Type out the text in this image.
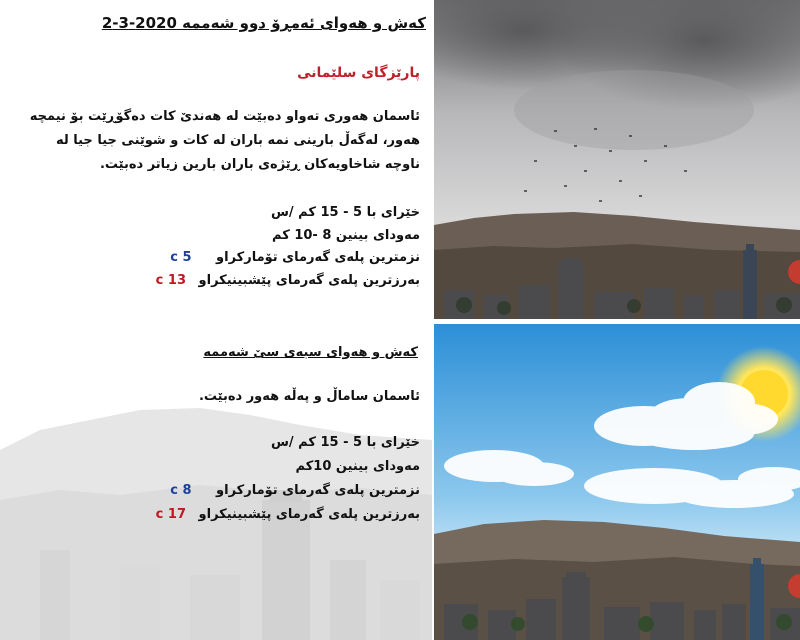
کەش و هەوای ئەمڕۆ دوو شەممە 2020-3-2
پارێزگای سلێمانی
ئاسمان هەوری تەواو دەبێت لە هەندێ کات دەگۆڕێت بۆ نیمچە
هەور، لەگەڵ بارینی نمە باران لە کات و شوێنی جیا جیا لە
ناوچە شاخاویەکان ڕێژەی باران بارین زیاتر دەبێت.
خێرای با 5 - 15 کم /س
مەودای بینین 8 -10 کم
نزمترین پلەی گەرمای تۆمارکراو 5 c
بەرزترین پلەی گەرمای پێشبینیکراو 13 c
کەش و هەوای سبەی سێ شەممە
ئاسمان ساماڵ و پەڵە هەور دەبێت.
خێرای با 5 - 15 کم /س
مەودای بینین 10کم
نزمترین پلەی گەرمای تۆمارکراو 8 c
بەرزترین پلەی گەرمای پێشبینیکراو 17 c
